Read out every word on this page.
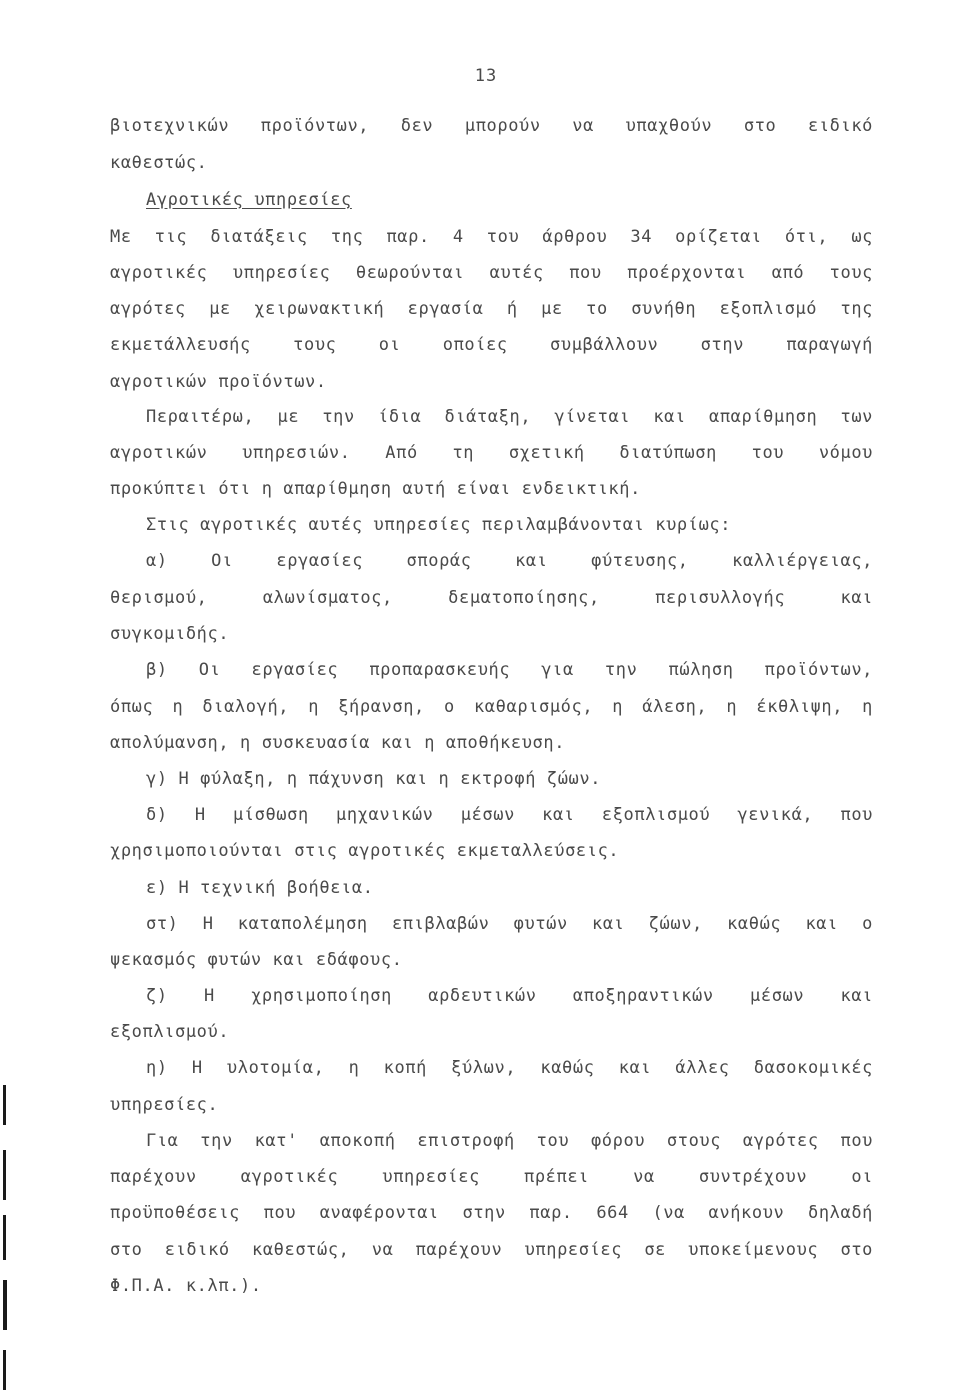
13
βιοτεχνικών προϊόντων, δεν μπορούν να υπαχθούν στο ειδικό
καθεστώς.
Αγροτικές υπηρεσίες
Με τις διατάξεις της παρ. 4 του άρθρου 34 ορίζεται ότι, ως
αγροτικές υπηρεσίες θεωρούνται αυτές που προέρχονται από τους
αγρότες με χειρωνακτική εργασία ή με το συνήθη εξοπλισμό της
εκμετάλλευσής τους οι οποίες συμβάλλουν στην παραγωγή
αγροτικών προϊόντων.
Περαιτέρω, με την ίδια διάταξη, γίνεται και απαρίθμηση των
αγροτικών υπηρεσιών. Από τη σχετική διατύπωση του νόμου
προκύπτει ότι η απαρίθμηση αυτή είναι ενδεικτική.
Στις αγροτικές αυτές υπηρεσίες περιλαμβάνονται κυρίως:
α) Οι εργασίες σποράς και φύτευσης, καλλιέργειας,
θερισμού, αλωνίσματος, δεματοποίησης, περισυλλογής και
συγκομιδής.
β) Οι εργασίες προπαρασκευής για την πώληση προϊόντων,
όπως η διαλογή, η ξήρανση, ο καθαρισμός, η άλεση, η έκθλιψη, η
απολύμανση, η συσκευασία και η αποθήκευση.
γ) Η φύλαξη, η πάχυνση και η εκτροφή ζώων.
δ) Η μίσθωση μηχανικών μέσων και εξοπλισμού γενικά, που
χρησιμοποιούνται στις αγροτικές εκμεταλλεύσεις.
ε) Η τεχνική βοήθεια.
στ) Η καταπολέμηση επιβλαβών φυτών και ζώων, καθώς και ο
ψεκασμός φυτών και εδάφους.
ζ) Η χρησιμοποίηση αρδευτικών αποξηραντικών μέσων και
εξοπλισμού.
η) Η υλοτομία, η κοπή ξύλων, καθώς και άλλες δασοκομικές
υπηρεσίες.
Για την κατ' αποκοπή επιστροφή του φόρου στους αγρότες που
παρέχουν αγροτικές υπηρεσίες πρέπει να συντρέχουν οι
προϋποθέσεις που αναφέρονται στην παρ. 664 (να ανήκουν δηλαδή
στο ειδικό καθεστώς, να παρέχουν υπηρεσίες σε υποκείμενους στο
Φ.Π.Α. κ.λπ.).
